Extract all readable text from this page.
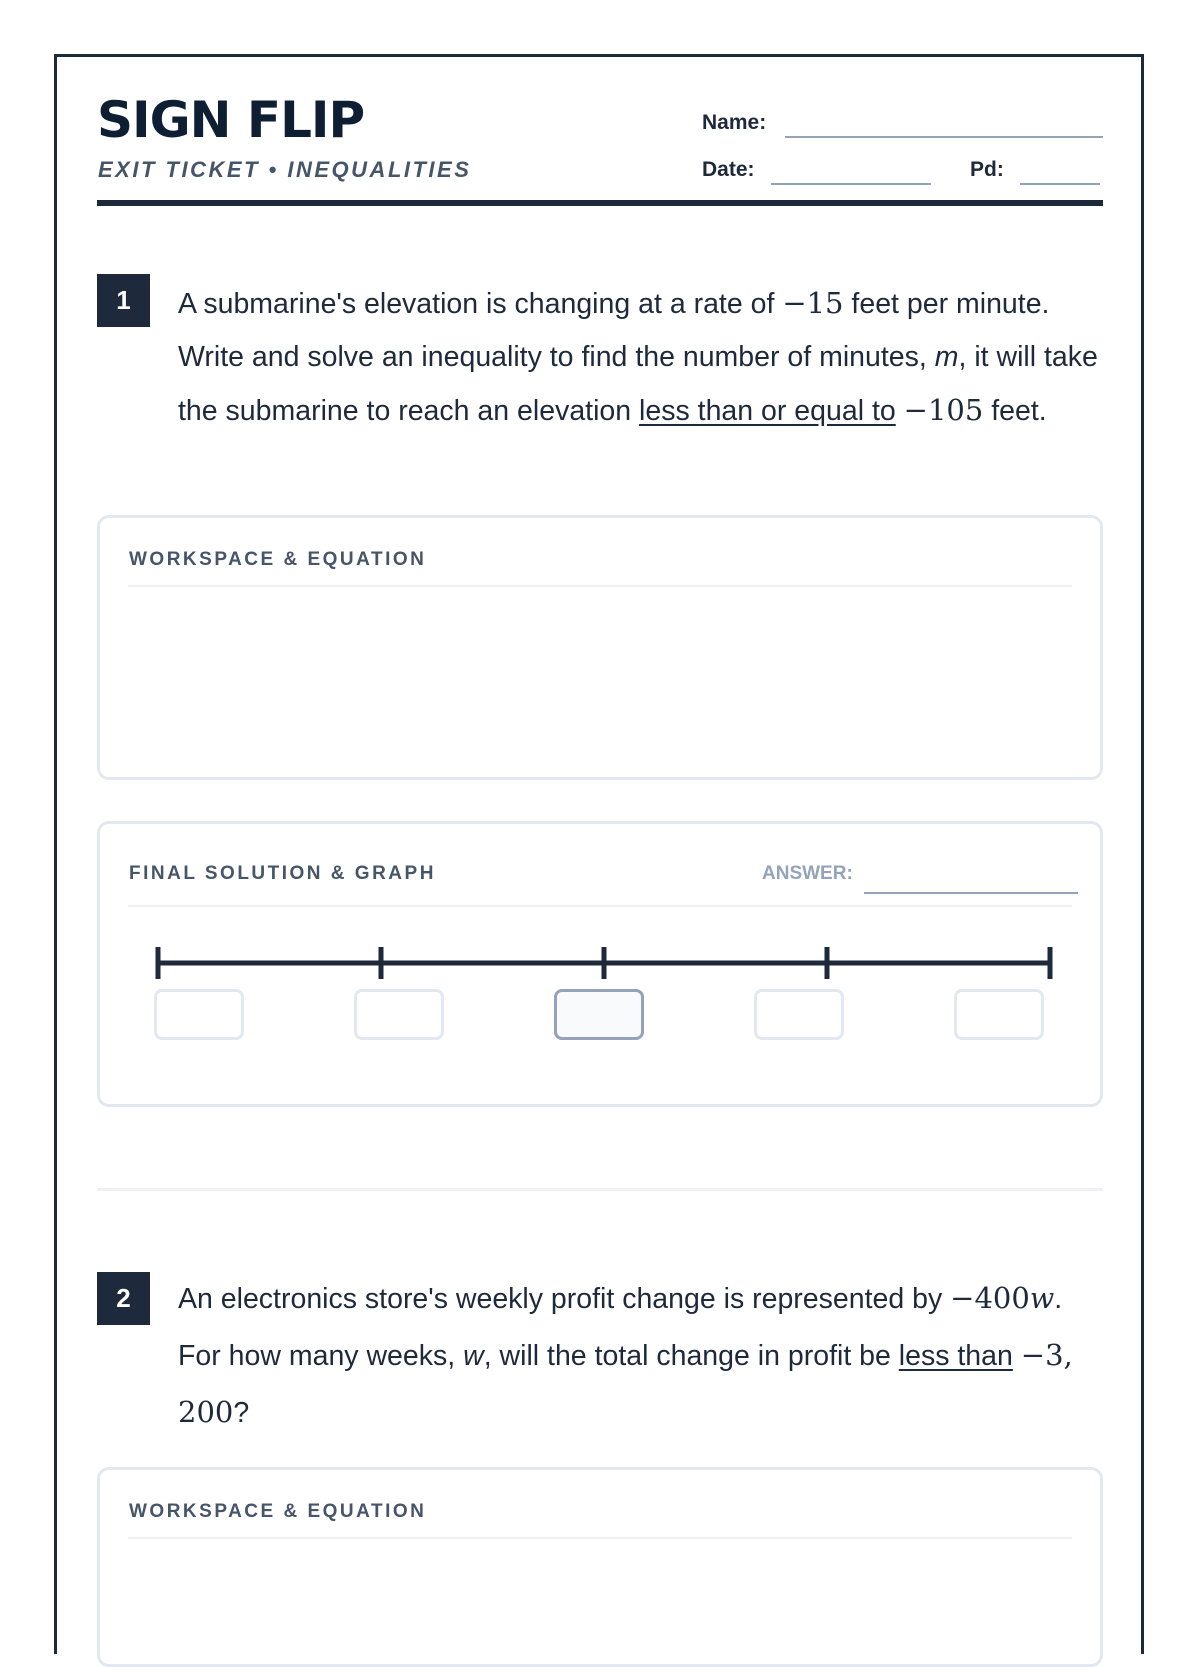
SIGN FLIP
EXIT TICKET • INEQUALITIES
Name:
Date:	Pd:
1	A submarine's elevation is changing at a rate of −15 feet per minute. Write and solve an inequality to find the number of minutes, m, it will take the submarine to reach an elevation less than or equal to −105 feet.
WORKSPACE & EQUATION
FINAL SOLUTION & GRAPH	ANSWER:
2	An electronics store's weekly profit change is represented by −400w. For how many weeks, w, will the total change in profit be less than −3, 200?
WORKSPACE & EQUATION
